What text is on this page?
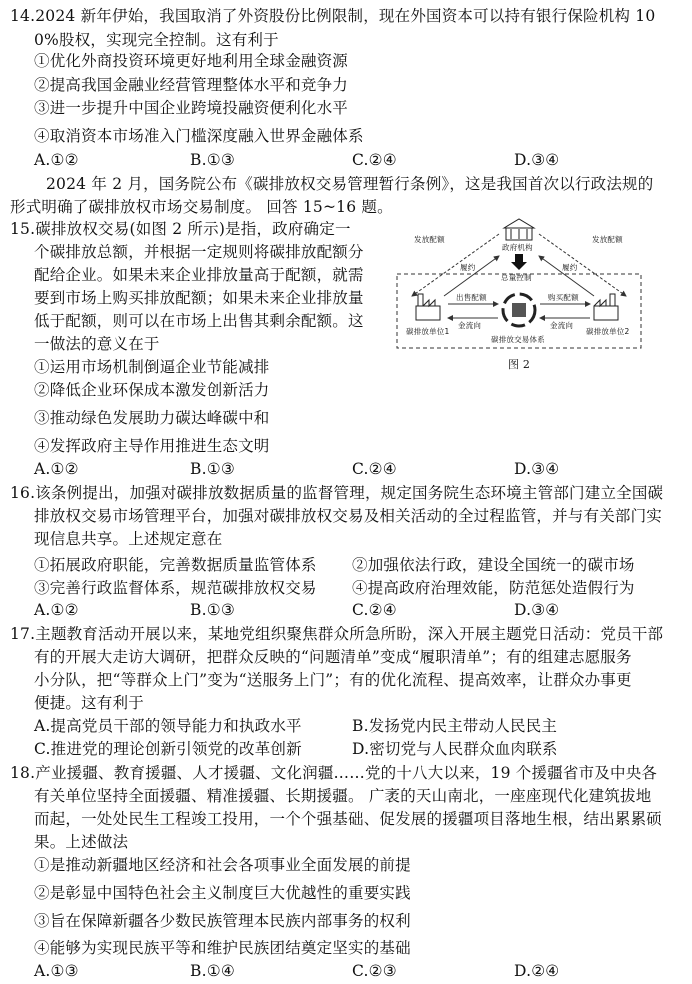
14.2024 新年伊始，我国取消了外资股份比例限制，现在外国资本可以持有银行保险机构 10
0%股权，实现完全控制。这有利于
①优化外商投资环境更好地利用全球金融资源
②提高我国金融业经营管理整体水平和竞争力
③进一步提升中国企业跨境投融资便利化水平
④取消资本市场准入门槛深度融入世界金融体系
A.①②	B.①③	C.②④	D.③④
2024 年 2 月，国务院公布《碳排放权交易管理暂行条例》，这是我国首次以行政法规的
形式明确了碳排放权市场交易制度。 回答 15~16 题。
15.碳排放权交易(如图 2 所示)是指，政府确定一
个碳排放总额，并根据一定规则将碳排放配额分
配给企业。如果未来企业排放量高于配额，就需
要到市场上购买排放配额；如果未来企业排放量
低于配额，则可以在市场上出售其剩余配额。这
一做法的意义在于
①运用市场机制倒逼企业节能减排
②降低企业环保成本激发创新活力
③推动绿色发展助力碳达峰碳中和
④发挥政府主导作用推进生态文明
A.①②	B.①③	C.②④	D.③④
政府机构
总量控制
发放配额	发放配额
履约	履约
碳排放单位1	碳排放单位2
出售配额	购买配额
金流向	金流向
碳排放交易体系
图 2
16.该条例提出，加强对碳排放数据质量的监督管理，规定国务院生态环境主管部门建立全国碳
排放权交易市场管理平台，加强对碳排放权交易及相关活动的全过程监管，并与有关部门实
现信息共享。上述规定意在
①拓展政府职能，完善数据质量监管体系 ②加强依法行政，建设全国统一的碳市场
③完善行政监督体系，规范碳排放权交易 ④提高政府治理效能，防范惩处造假行为
A.①②	B.①③	C.②④	D.③④
17.主题教育活动开展以来，某地党组织聚焦群众所急所盼，深入开展主题党日活动：党员干部
有的开展大走访大调研，把群众反映的“问题清单”变成“履职清单”；有的组建志愿服务
小分队，把“等群众上门”变为“送服务上门”；有的优化流程、提高效率，让群众办事更
便捷。这有利于
A.提高党员干部的领导能力和执政水平	B.发扬党内民主带动人民民主
C.推进党的理论创新引领党的改革创新	D.密切党与人民群众血肉联系
18.产业援疆、教育援疆、人才援疆、文化润疆……党的十八大以来，19 个援疆省市及中央各
有关单位坚持全面援疆、精准援疆、长期援疆。 广袤的天山南北，一座座现代化建筑拔地
而起，一处处民生工程竣工投用，一个个强基础、促发展的援疆项目落地生根，结出累累硕
果。上述做法
①是推动新疆地区经济和社会各项事业全面发展的前提
②是彰显中国特色社会主义制度巨大优越性的重要实践
③旨在保障新疆各少数民族管理本民族内部事务的权利
④能够为实现民族平等和维护民族团结奠定坚实的基础
A.①③	B.①④	C.②③	D.②④
